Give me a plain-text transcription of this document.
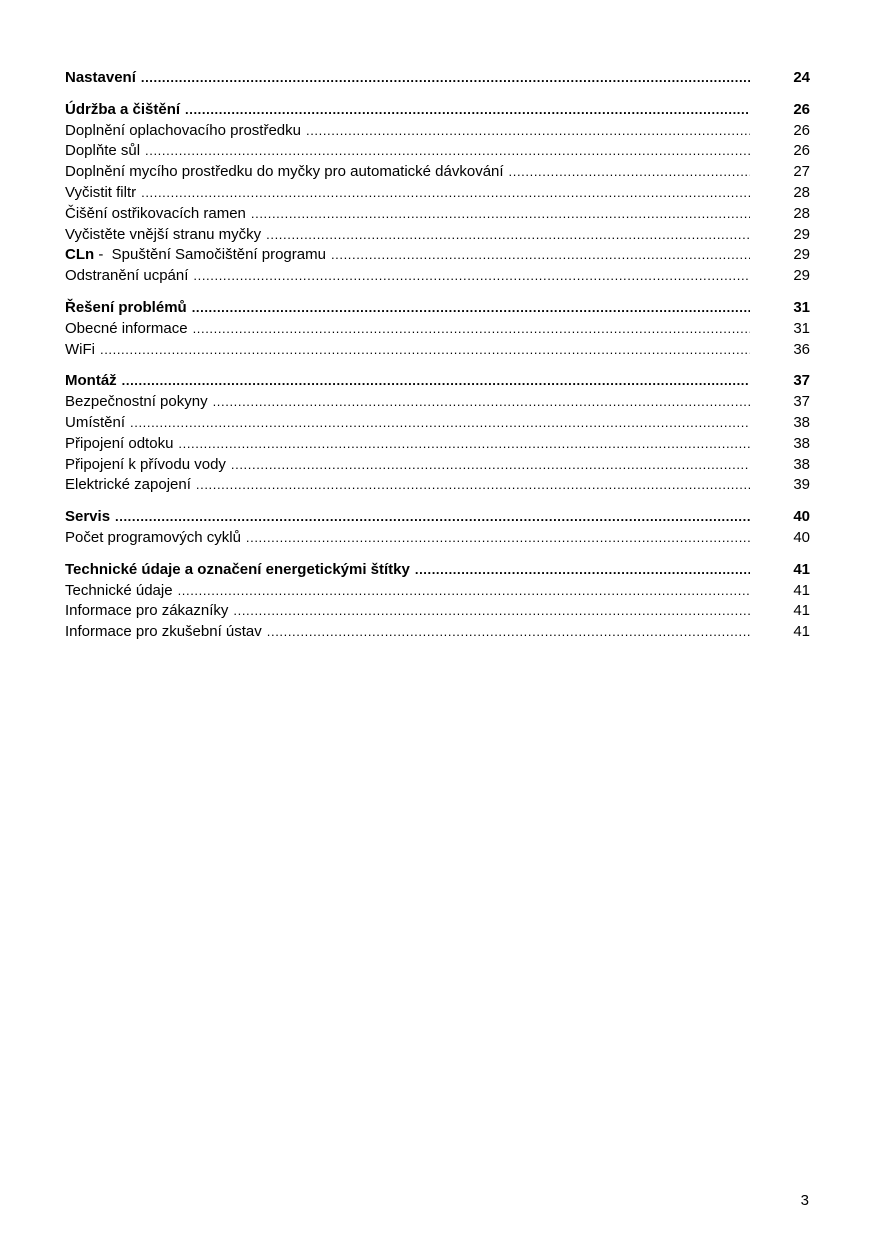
Nastavení .....	24
Údržba a čištění .....	26
Doplnění oplachovacího prostředku .....	26
Doplňte sůl .....	26
Doplnění mycího prostředku do myčky pro automatické dávkování .....	27
Vyčistit filtr .....	28
Čišění ostřikovacích ramen .....	28
Vyčistěte vnější stranu myčky .....	29
CLn -  Spuštění Samočištění programu .....	29
Odstranění ucpání .....	29
Řešení problémů .....	31
Obecné informace .....	31
WiFi .....	36
Montáž .....	37
Bezpečnostní pokyny .....	37
Umístění .....	38
Připojení odtoku .....	38
Připojení k přívodu vody .....	38
Elektrické zapojení .....	39
Servis .....	40
Počet programových cyklů .....	40
Technické údaje a označení energetickými štítky .....	41
Technické údaje .....	41
Informace pro zákazníky .....	41
Informace pro zkušební ústav .....	41
3
